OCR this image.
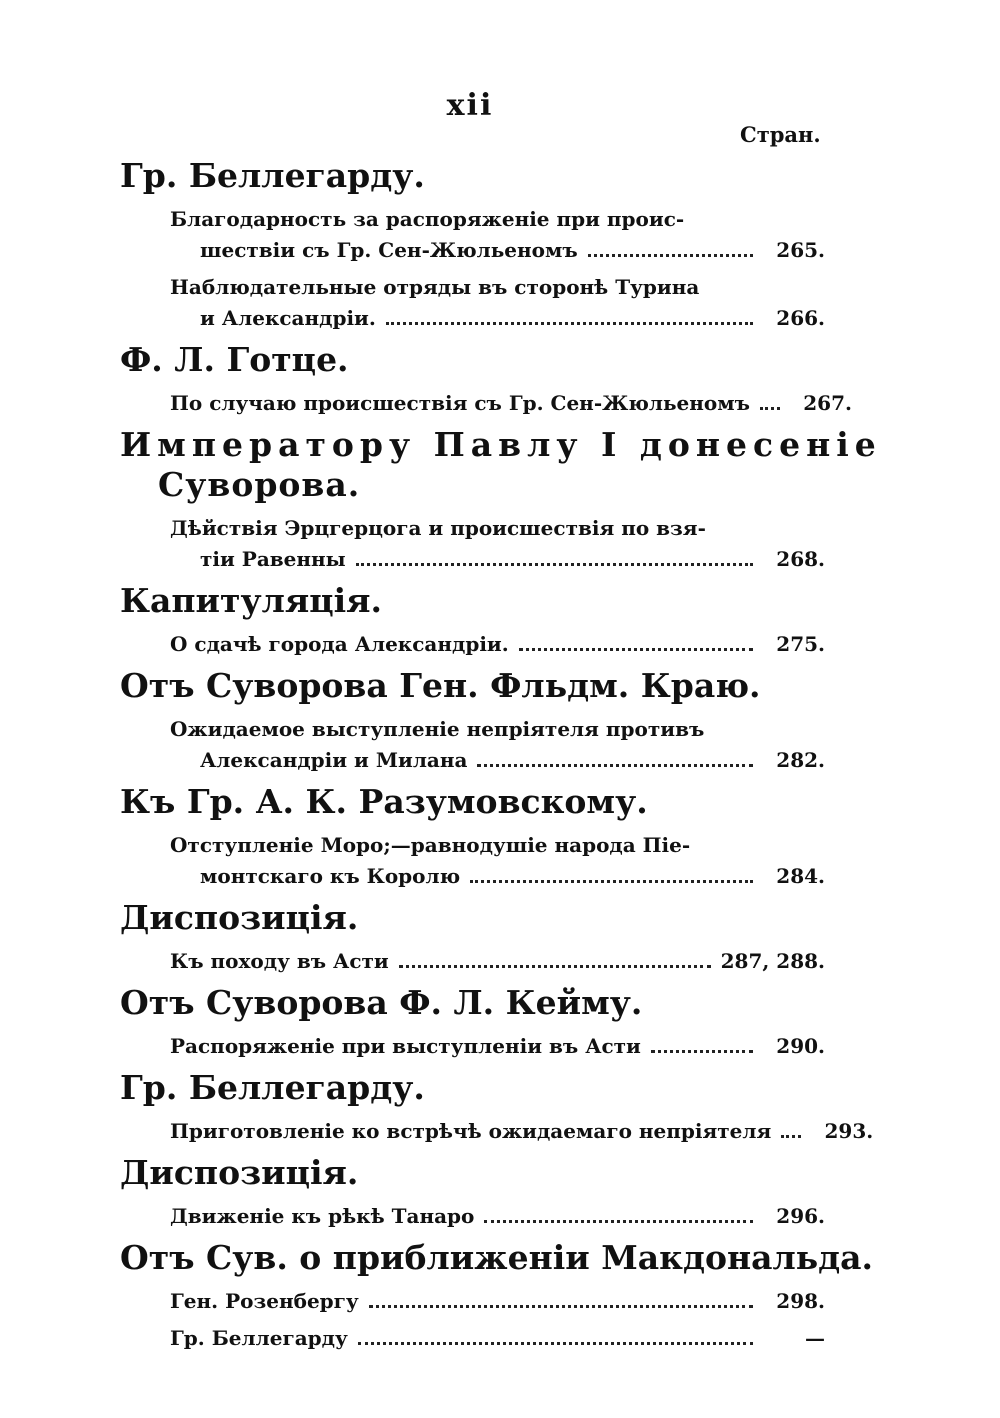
xii
Стран.
Гр. Беллегарду.
Благодарность за распоряженіе при проис-
шествіи съ Гр. Сен-Жюльеномъ	265.
Наблюдательные отряды въ сторонѣ Турина
и Александріи.	266.
Ф. Л. Готце.
По случаю происшествія съ Гр. Сен-Жюльеномъ	267.
Императору Павлу I донесеніе
Суворова.
Дѣйствія Эрцгерцога и происшествія по взя-
тіи Равенны	268.
Капитуляція.
О сдачѣ города Александріи.	275.
Отъ Суворова Ген. Фльдм. Краю.
Ожидаемое выступленіе непріятеля противъ
Александріи и Милана	282.
Къ Гр. А. К. Разумовскому.
Отступленіе Моро;—равнодушіе народа Піе-
монтскаго къ Королю	284.
Диспозиція.
Къ походу въ Асти	287, 288.
Отъ Суворова Ф. Л. Кейму.
Распоряженіе при выступленіи въ Асти	290.
Гр. Беллегарду.
Приготовленіе ко встрѣчѣ ожидаемаго непріятеля	293.
Диспозиція.
Движеніе къ рѣкѣ Танаро	296.
Отъ Сув. о приближеніи Макдональда.
Ген. Розенбергу	298.
Гр. Беллегарду	—
